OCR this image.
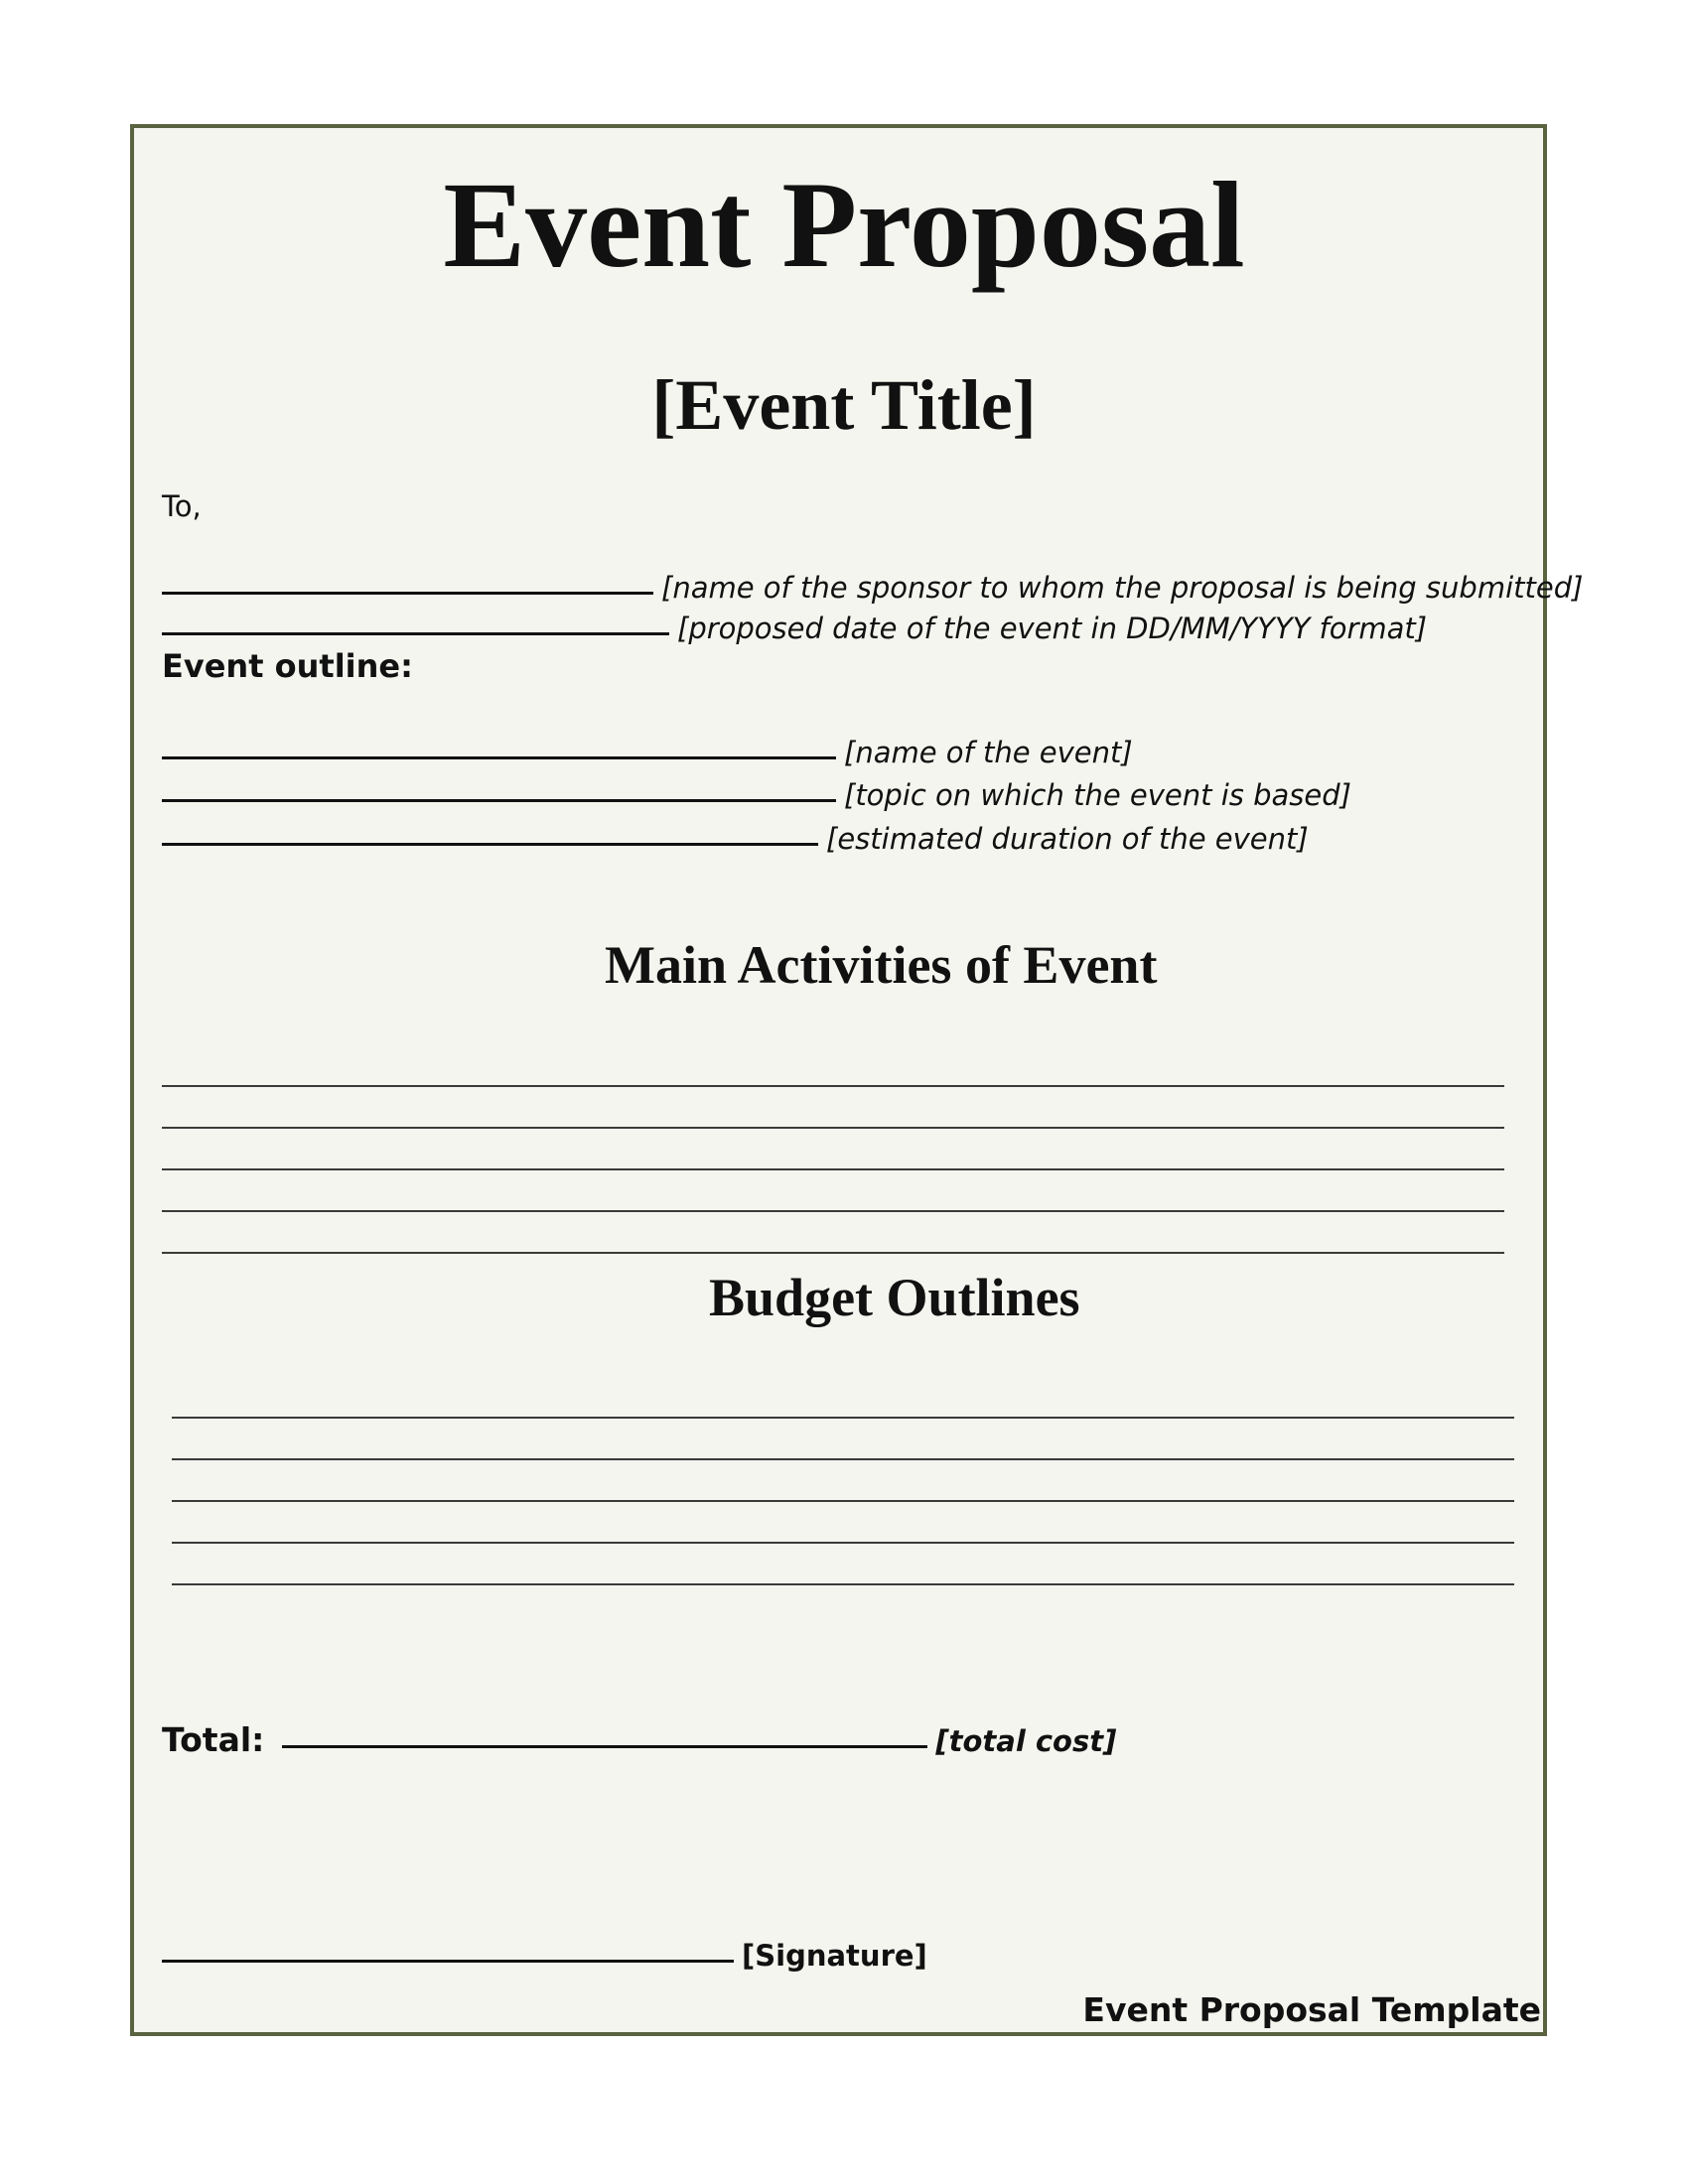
Event Proposal
[Event Title]
To,
[name of the sponsor to whom the proposal is being submitted]
[proposed date of the event in DD/MM/YYYY format]
Event outline:
[name of the event]
[topic on which the event is based]
[estimated duration of the event]
Main Activities of Event
Budget Outlines
Total:	[total cost]
[Signature]
Event Proposal Template
